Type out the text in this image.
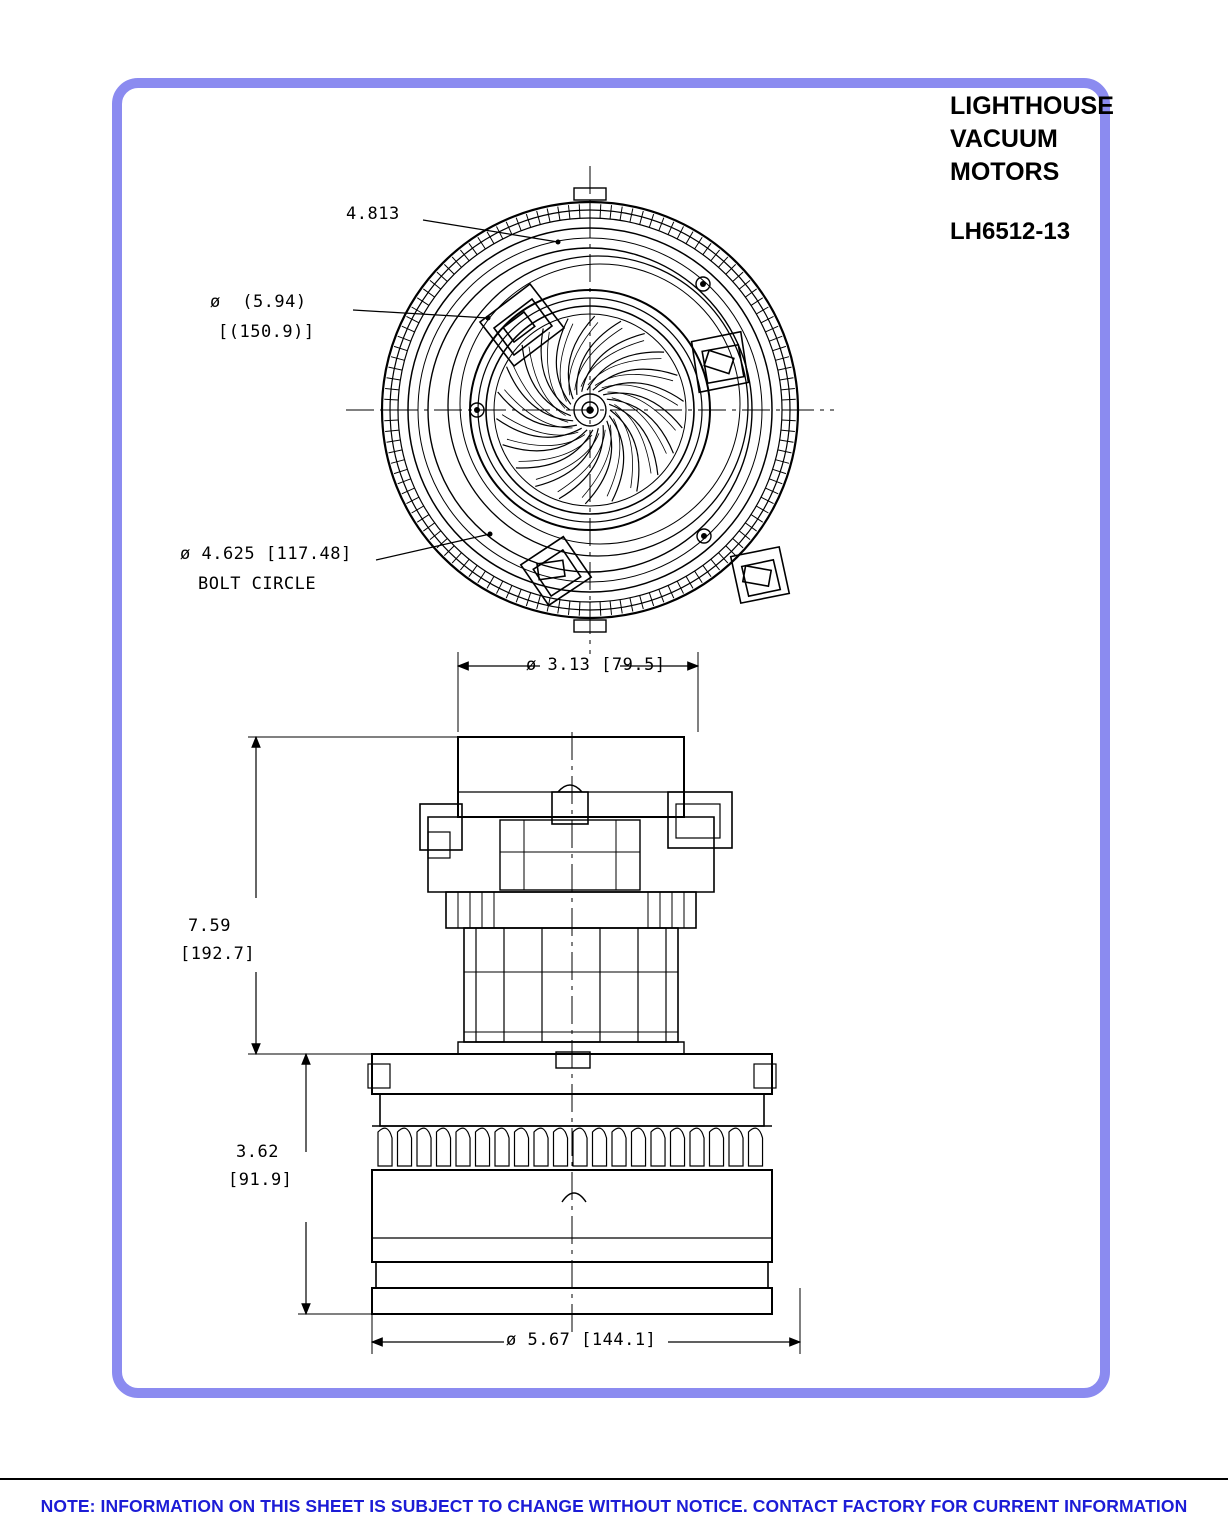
LIGHTHOUSE
VACUUM
MOTORS
LH6512-13
4.813
ø  (5.94)
[(150.9)]
ø 4.625 [117.48]
BOLT CIRCLE
ø 3.13 [79.5]
7.59
[192.7]
3.62
[91.9]
ø 5.67 [144.1]
NOTE: INFORMATION ON THIS SHEET IS SUBJECT TO CHANGE WITHOUT NOTICE. CONTACT FACTORY FOR CURRENT INFORMATION
